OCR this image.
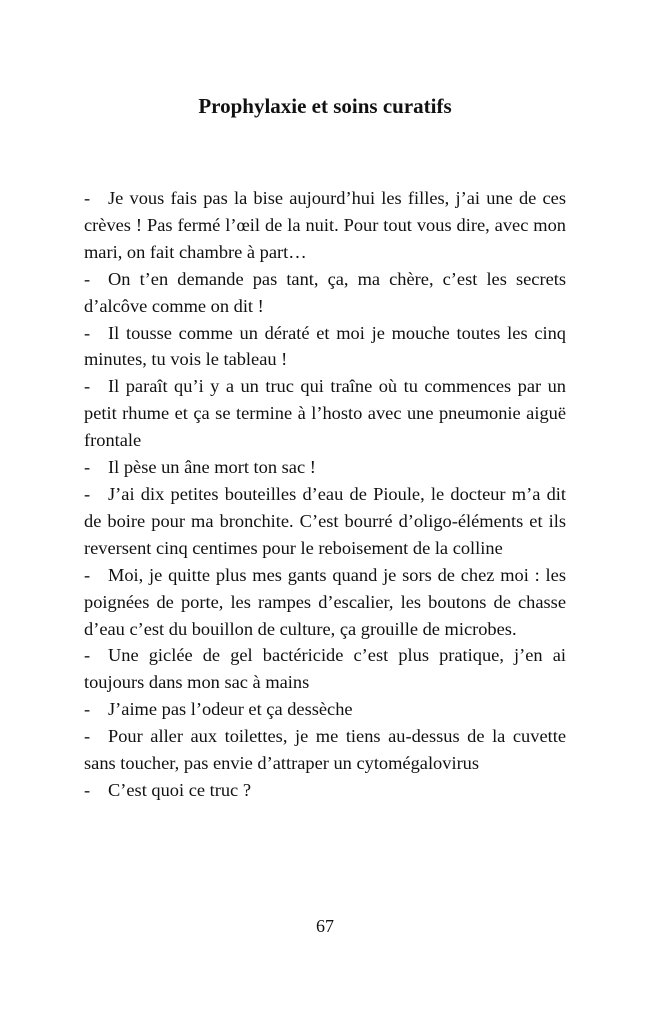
Prophylaxie et soins curatifs

- Je vous fais pas la bise aujourd’hui les filles, j’ai une de ces crèves ! Pas fermé l’œil de la nuit. Pour tout vous dire, avec mon mari, on fait chambre à part…

- On t’en demande pas tant, ça, ma chère, c’est les secrets d’alcôve comme on dit !

- Il tousse comme un dératé et moi je mouche toutes les cinq minutes, tu vois le tableau !

- Il paraît qu’i y a un truc qui traîne où tu commences par un petit rhume et ça se termine à l’hosto avec une pneumonie aiguë frontale

- Il pèse un âne mort ton sac !

- J’ai dix petites bouteilles d’eau de Pioule, le docteur m’a dit de boire pour ma bronchite. C’est bourré d’oligo-éléments et ils reversent cinq centimes pour le reboisement de la colline

- Moi, je quitte plus mes gants quand je sors de chez moi : les poignées de porte, les rampes d’escalier, les boutons de chasse d’eau c’est du bouillon de culture, ça grouille de microbes.

- Une giclée de gel bactéricide c’est plus pratique, j’en ai toujours dans mon sac à mains

- J’aime pas l’odeur et ça dessèche

- Pour aller aux toilettes, je me tiens au-dessus de la cuvette sans toucher, pas envie d’attraper un cytomégalovirus

- C’est quoi ce truc ?

67
